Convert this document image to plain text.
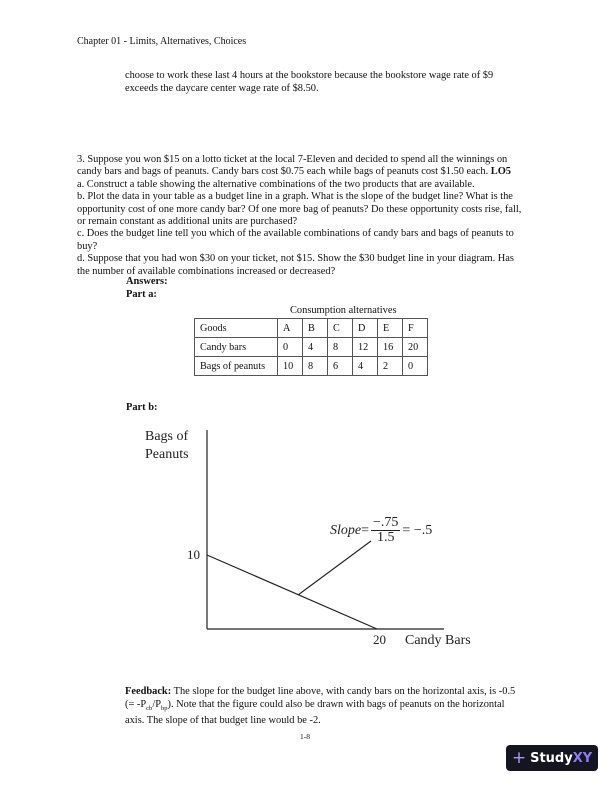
Chapter 01 - Limits, Alternatives, Choices
choose to work these last 4 hours at the bookstore because the bookstore wage rate of $9
exceeds the daycare center wage rate of $8.50.

3. Suppose you won $15 on a lotto ticket at the local 7-Eleven and decided to spend all the winnings on candy bars and bags of peanuts. Candy bars cost $0.75 each while bags of peanuts cost $1.50 each. LO5

a. Construct a table showing the alternative combinations of the two products that are available.

b. Plot the data in your table as a budget line in a graph. What is the slope of the budget line? What is the opportunity cost of one more candy bar? Of one more bag of peanuts? Do these opportunity costs rise, fall, or remain constant as additional units are purchased?

c. Does the budget line tell you which of the available combinations of candy bars and bags of peanuts to buy?

d. Suppose that you had won $30 on your ticket, not $15. Show the $30 budget line in your diagram. Has the number of available combinations increased or decreased?

Answers:
Part a:
Consumption alternatives
Goods	A	B	C	D	E	F
Candy bars	0	4	8	12	16	20
Bags of peanuts	10	8	6	4	2	0
Part b:
Bags of
Peanuts
10
20 Candy Bars
Slope = $\frac{-.75}{1.5} = -.5$
Feedback: The slope for the budget line above, with candy bars on the horizontal axis, is -0.5 (= $-P_{cb}/P_{bp}$). Note that the figure could also be drawn with bags of peanuts on the horizontal axis. The slope of that budget line would be -2.
1-8
+ Study XY
